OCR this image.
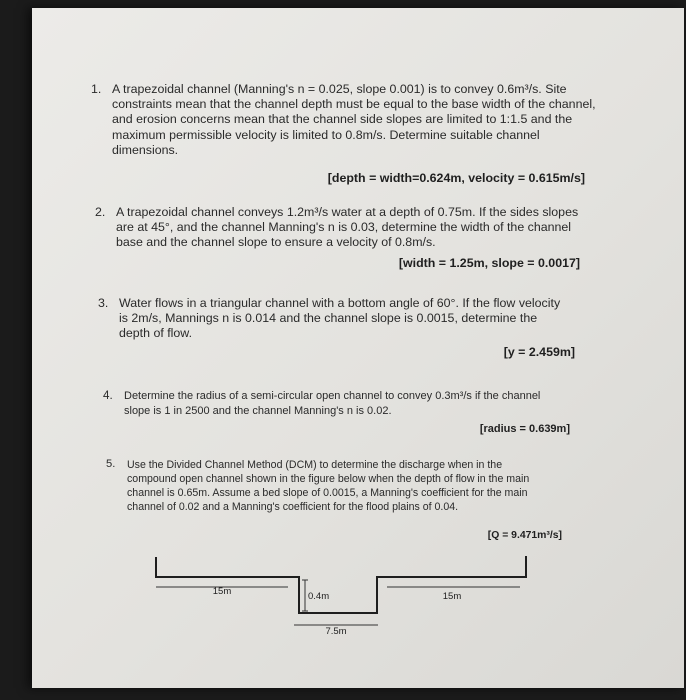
1. A trapezoidal channel (Manning's n = 0.025, slope 0.001) is to convey 0.6m³/s. Site
constraints mean that the channel depth must be equal to the base width of the channel,
and erosion concerns mean that the channel side slopes are limited to 1:1.5 and the
maximum permissible velocity is limited to 0.8m/s. Determine suitable channel
dimensions.
[depth = width=0.624m, velocity = 0.615m/s]
2. A trapezoidal channel conveys 1.2m³/s water at a depth of 0.75m. If the sides slopes
are at 45°, and the channel Manning's n is 0.03, determine the width of the channel
base and the channel slope to ensure a velocity of 0.8m/s.
[width = 1.25m, slope = 0.0017]
3. Water flows in a triangular channel with a bottom angle of 60°. If the flow velocity
is 2m/s, Mannings n is 0.014 and the channel slope is 0.0015, determine the
depth of flow.
[y = 2.459m]
4. Determine the radius of a semi-circular open channel to convey 0.3m³/s if the channel
slope is 1 in 2500 and the channel Manning's n is 0.02.
[radius = 0.639m]
5. Use the Divided Channel Method (DCM) to determine the discharge when in the
compound open channel shown in the figure below when the depth of flow in the main
channel is 0.65m. Assume a bed slope of 0.0015, a Manning's coefficient for the main
channel of 0.02 and a Manning's coefficient for the flood plains of 0.04.
[Q = 9.471m³/s]
15m	0.4m	15m
7.5m
